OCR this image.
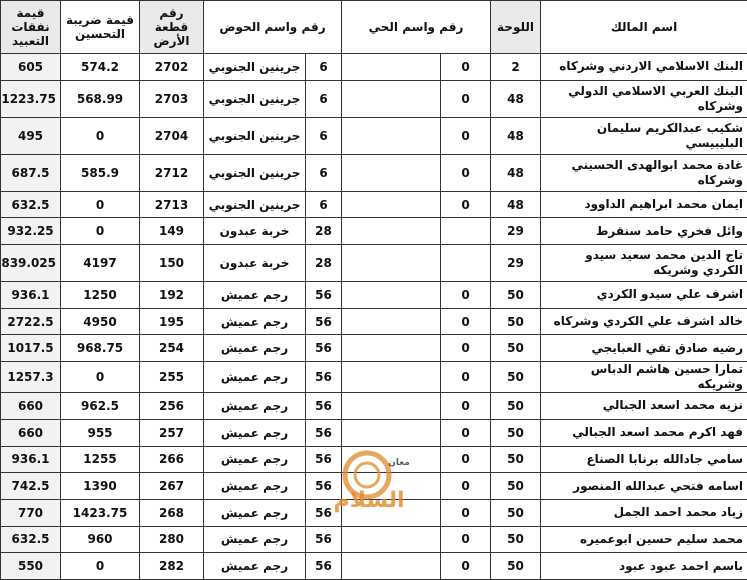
اسم المالك	اللوحة	رقم واسم الحي		رقم واسم الحوض		رقم قطعة الأرض	قيمة ضريبة التحسين	قيمة نفقات التعبيد
البنك الاسلامي الاردني وشركاه	2	0		6	جرينين الجنوبي	2702	574.2	605
البنك العربي الاسلامي الدولي وشركاه	48	0		6	جرينين الجنوبي	2703	568.99	1223.75
شكيب عبدالكريم سليمان البليبيسي	48	0		6	جرينين الجنوبي	2704	0	495
غادة محمد ابوالهدى الحسيني وشركاه	48	0		6	جرينين الجنوبي	2712	585.9	687.5
ايمان محمد ابراهيم الداوود	48	0		6	جرينين الجنوبي	2713	0	632.5
وائل فخري حامد سنقرط	29			28	خربة عبدون	149	0	932.25
تاج الدين محمد سعيد سيدو الكردي وشريكه	29			28	خربة عبدون	150	4197	839.025
اشرف علي سيدو الكردي	50	0		56	رجم عميش	192	1250	936.1
خالد اشرف علي الكردي وشركاه	50	0		56	رجم عميش	195	4950	2722.5
رضيه صادق تقي العبايجي	50	0		56	رجم عميش	254	968.75	1017.5
تمارا حسين هاشم الدباس وشريكه	50	0		56	رجم عميش	255	0	1257.3
نزيه محمد اسعد الجبالي	50	0		56	رجم عميش	256	962.5	660
فهد اكرم محمد اسعد الجبالي	50	0		56	رجم عميش	257	955	660
سامي جادالله برنابا الصناع	50	0		56	رجم عميش	266	1255	936.1
اسامه فتحي عبدالله المنصور	50	0		56	رجم عميش	267	1390	742.5
زياد محمد احمد الجمل	50	0		56	رجم عميش	268	1423.75	770
محمد سليم حسين ابوعميره	50	0		56	رجم عميش	280	960	632.5
باسم احمد عبود عبود	50	0		56	رجم عميش	282	0	550
السلام
معان
